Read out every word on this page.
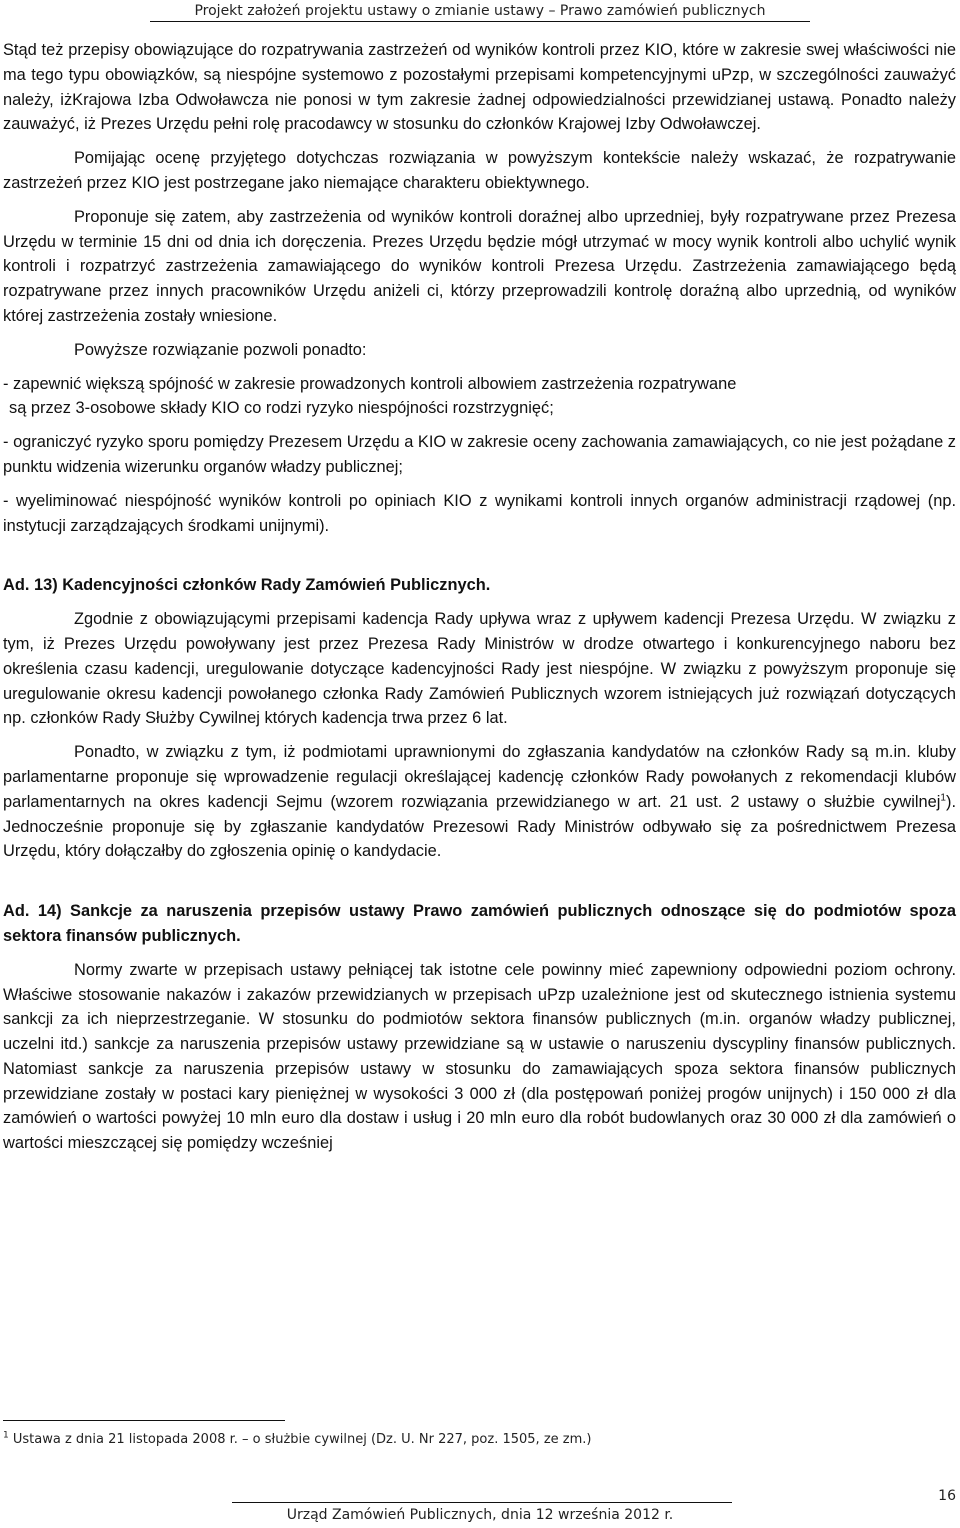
Projekt założeń projektu ustawy o zmianie ustawy – Prawo zamówień publicznych

Stąd też przepisy obowiązujące do rozpatrywania zastrzeżeń od wyników kontroli przez KIO, które w zakresie swej właściwości nie ma tego typu obowiązków, są niespójne systemowo z pozostałymi przepisami kompetencyjnymi uPzp, w szczególności zauważyć należy, iżKrajowa Izba Odwoławcza nie ponosi w tym zakresie żadnej odpowiedzialności przewidzianej ustawą. Ponadto należy zauważyć, iż Prezes Urzędu pełni rolę pracodawcy w stosunku do członków Krajowej Izby Odwoławczej.

Pomijając ocenę przyjętego dotychczas rozwiązania w powyższym kontekście należy wskazać, że rozpatrywanie zastrzeżeń przez KIO jest postrzegane jako niemające charakteru obiektywnego.

Proponuje się zatem, aby zastrzeżenia od wyników kontroli doraźnej albo uprzedniej, były rozpatrywane przez Prezesa Urzędu w terminie 15 dni od dnia ich doręczenia. Prezes Urzędu będzie mógł utrzymać w mocy wynik kontroli albo uchylić wynik kontroli i rozpatrzyć zastrzeżenia zamawiającego do wyników kontroli Prezesa Urzędu. Zastrzeżenia zamawiającego będą rozpatrywane przez innych pracowników Urzędu aniżeli ci, którzy przeprowadzili kontrolę doraźną albo uprzednią, od wyników której zastrzeżenia zostały wniesione.

Powyższe rozwiązanie pozwoli ponadto:

- zapewnić większą spójność w zakresie prowadzonych kontroli albowiem zastrzeżenia rozpatrywane
są przez 3-osobowe składy KIO co rodzi ryzyko niespójności rozstrzygnięć;

- ograniczyć ryzyko sporu pomiędzy Prezesem Urzędu a KIO w zakresie oceny zachowania zamawiających, co nie jest pożądane z punktu widzenia wizerunku organów władzy publicznej;

- wyeliminować niespójność wyników kontroli po opiniach KIO z wynikami kontroli innych organów administracji rządowej (np. instytucji zarządzających środkami unijnymi).

Ad. 13) Kadencyjności członków Rady Zamówień Publicznych.

Zgodnie z obowiązującymi przepisami kadencja Rady upływa wraz z upływem kadencji Prezesa Urzędu. W związku z tym, iż Prezes Urzędu powoływany jest przez Prezesa Rady Ministrów w drodze otwartego i konkurencyjnego naboru bez określenia czasu kadencji, uregulowanie dotyczące kadencyjności Rady jest niespójne. W związku z powyższym proponuje się uregulowanie okresu kadencji powołanego członka Rady Zamówień Publicznych wzorem istniejących już rozwiązań dotyczących np. członków Rady Służby Cywilnej których kadencja trwa przez 6 lat.

Ponadto, w związku z tym, iż podmiotami uprawnionymi do zgłaszania kandydatów na członków Rady są m.in. kluby parlamentarne proponuje się wprowadzenie regulacji określającej kadencję członków Rady powołanych z rekomendacji klubów parlamentarnych na okres kadencji Sejmu (wzorem rozwiązania przewidzianego w art. 21 ust. 2 ustawy o służbie cywilnej$^1$). Jednocześnie proponuje się by zgłaszanie kandydatów Prezesowi Rady Ministrów odbywało się za pośrednictwem Prezesa Urzędu, który dołączałby do zgłoszenia opinię o kandydacie.

Ad. 14) Sankcje za naruszenia przepisów ustawy Prawo zamówień publicznych odnoszące się do podmiotów spoza sektora finansów publicznych.

Normy zwarte w przepisach ustawy pełniącej tak istotne cele powinny mieć zapewniony odpowiedni poziom ochrony. Właściwe stosowanie nakazów i zakazów przewidzianych w przepisach uPzp uzależnione jest od skutecznego istnienia systemu sankcji za ich nieprzestrzeganie. W stosunku do podmiotów sektora finansów publicznych (m.in. organów władzy publicznej, uczelni itd.) sankcje za naruszenia przepisów ustawy przewidziane są w ustawie o naruszeniu dyscypliny finansów publicznych. Natomiast sankcje za naruszenia przepisów ustawy w stosunku do zamawiających spoza sektora finansów publicznych przewidziane zostały w postaci kary pieniężnej w wysokości 3 000 zł (dla postępowań poniżej progów unijnych) i 150 000 zł dla zamówień o wartości powyżej 10 mln euro dla dostaw i usług i 20 mln euro dla robót budowlanych oraz 30 000 zł dla zamówień o wartości mieszczącej się pomiędzy wcześniej

$^1$ Ustawa z dnia 21 listopada 2008 r. – o służbie cywilnej (Dz. U. Nr 227, poz. 1505, ze zm.)
16
Urząd Zamówień Publicznych, dnia 12 września 2012 r.
